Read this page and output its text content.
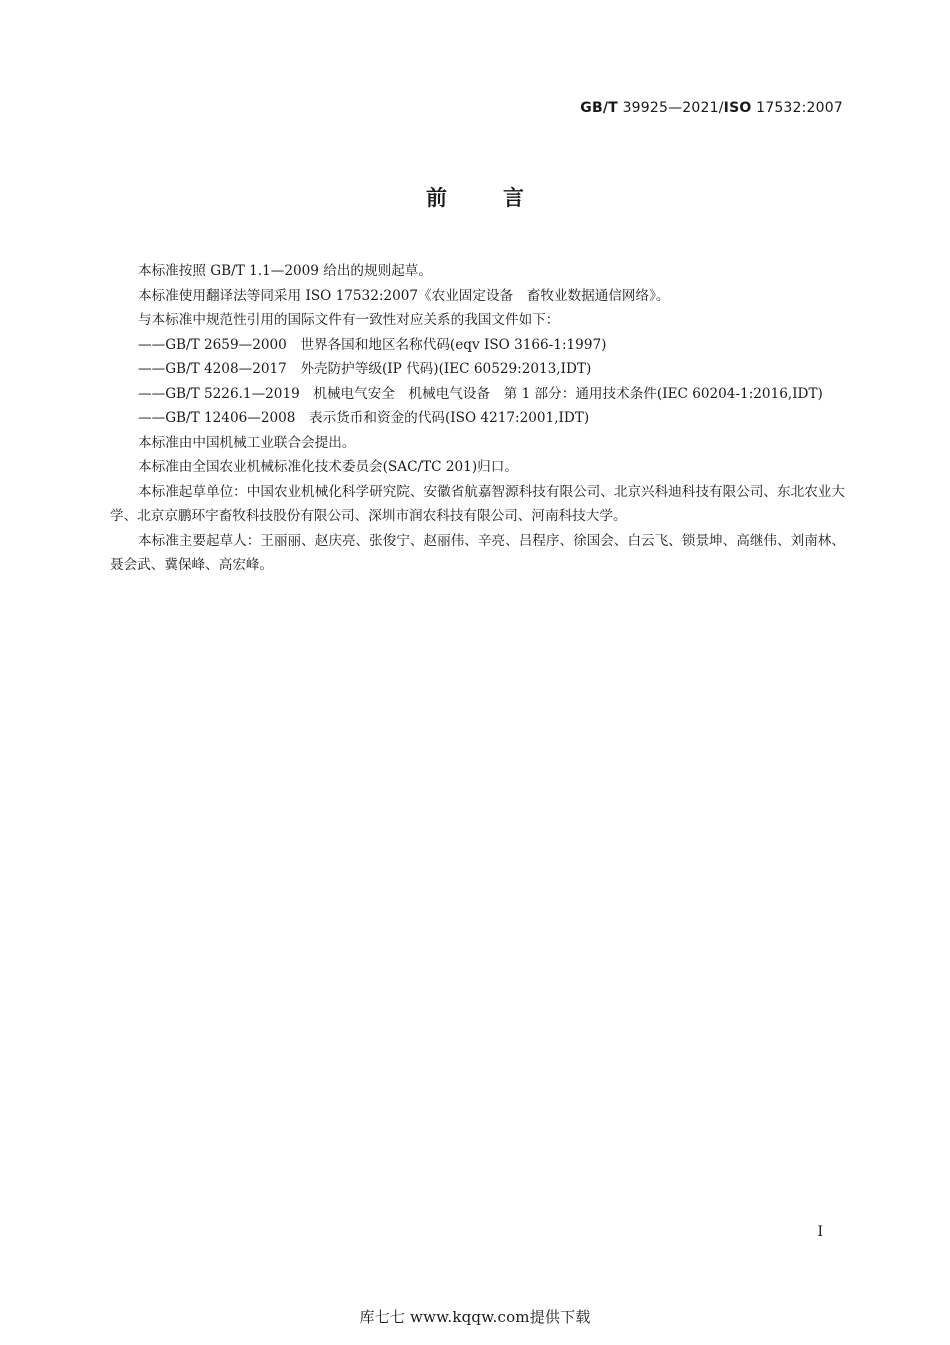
GB/T 39925—2021/ISO 17532:2007
前	言

本标准按照 GB/T 1.1—2009 给出的规则起草。

本标准使用翻译法等同采用 ISO 17532:2007《农业固定设备　畜牧业数据通信网络》。

与本标准中规范性引用的国际文件有一致性对应关系的我国文件如下：

——GB/T 2659—2000　世界各国和地区名称代码(eqv ISO 3166-1:1997)

——GB/T 4208—2017　外壳防护等级(IP 代码)(IEC 60529:2013,IDT)

——GB/T 5226.1—2019　机械电气安全　机械电气设备　第 1 部分：通用技术条件(IEC 60204-1:2016,IDT)

——GB/T 12406—2008　表示货币和资金的代码(ISO 4217:2001,IDT)

本标准由中国机械工业联合会提出。

本标准由全国农业机械标准化技术委员会(SAC/TC 201)归口。

本标准起草单位：中国农业机械化科学研究院、安徽省航嘉智源科技有限公司、北京兴科迪科技有限公司、东北农业大学、北京京鹏环宇畜牧科技股份有限公司、深圳市润农科技有限公司、河南科技大学。

本标准主要起草人：王丽丽、赵庆亮、张俊宁、赵丽伟、辛亮、吕程序、徐国会、白云飞、锁景坤、高继伟、刘南林、聂会武、冀保峰、高宏峰。

I
库七七 www.kqqw.com提供下载
